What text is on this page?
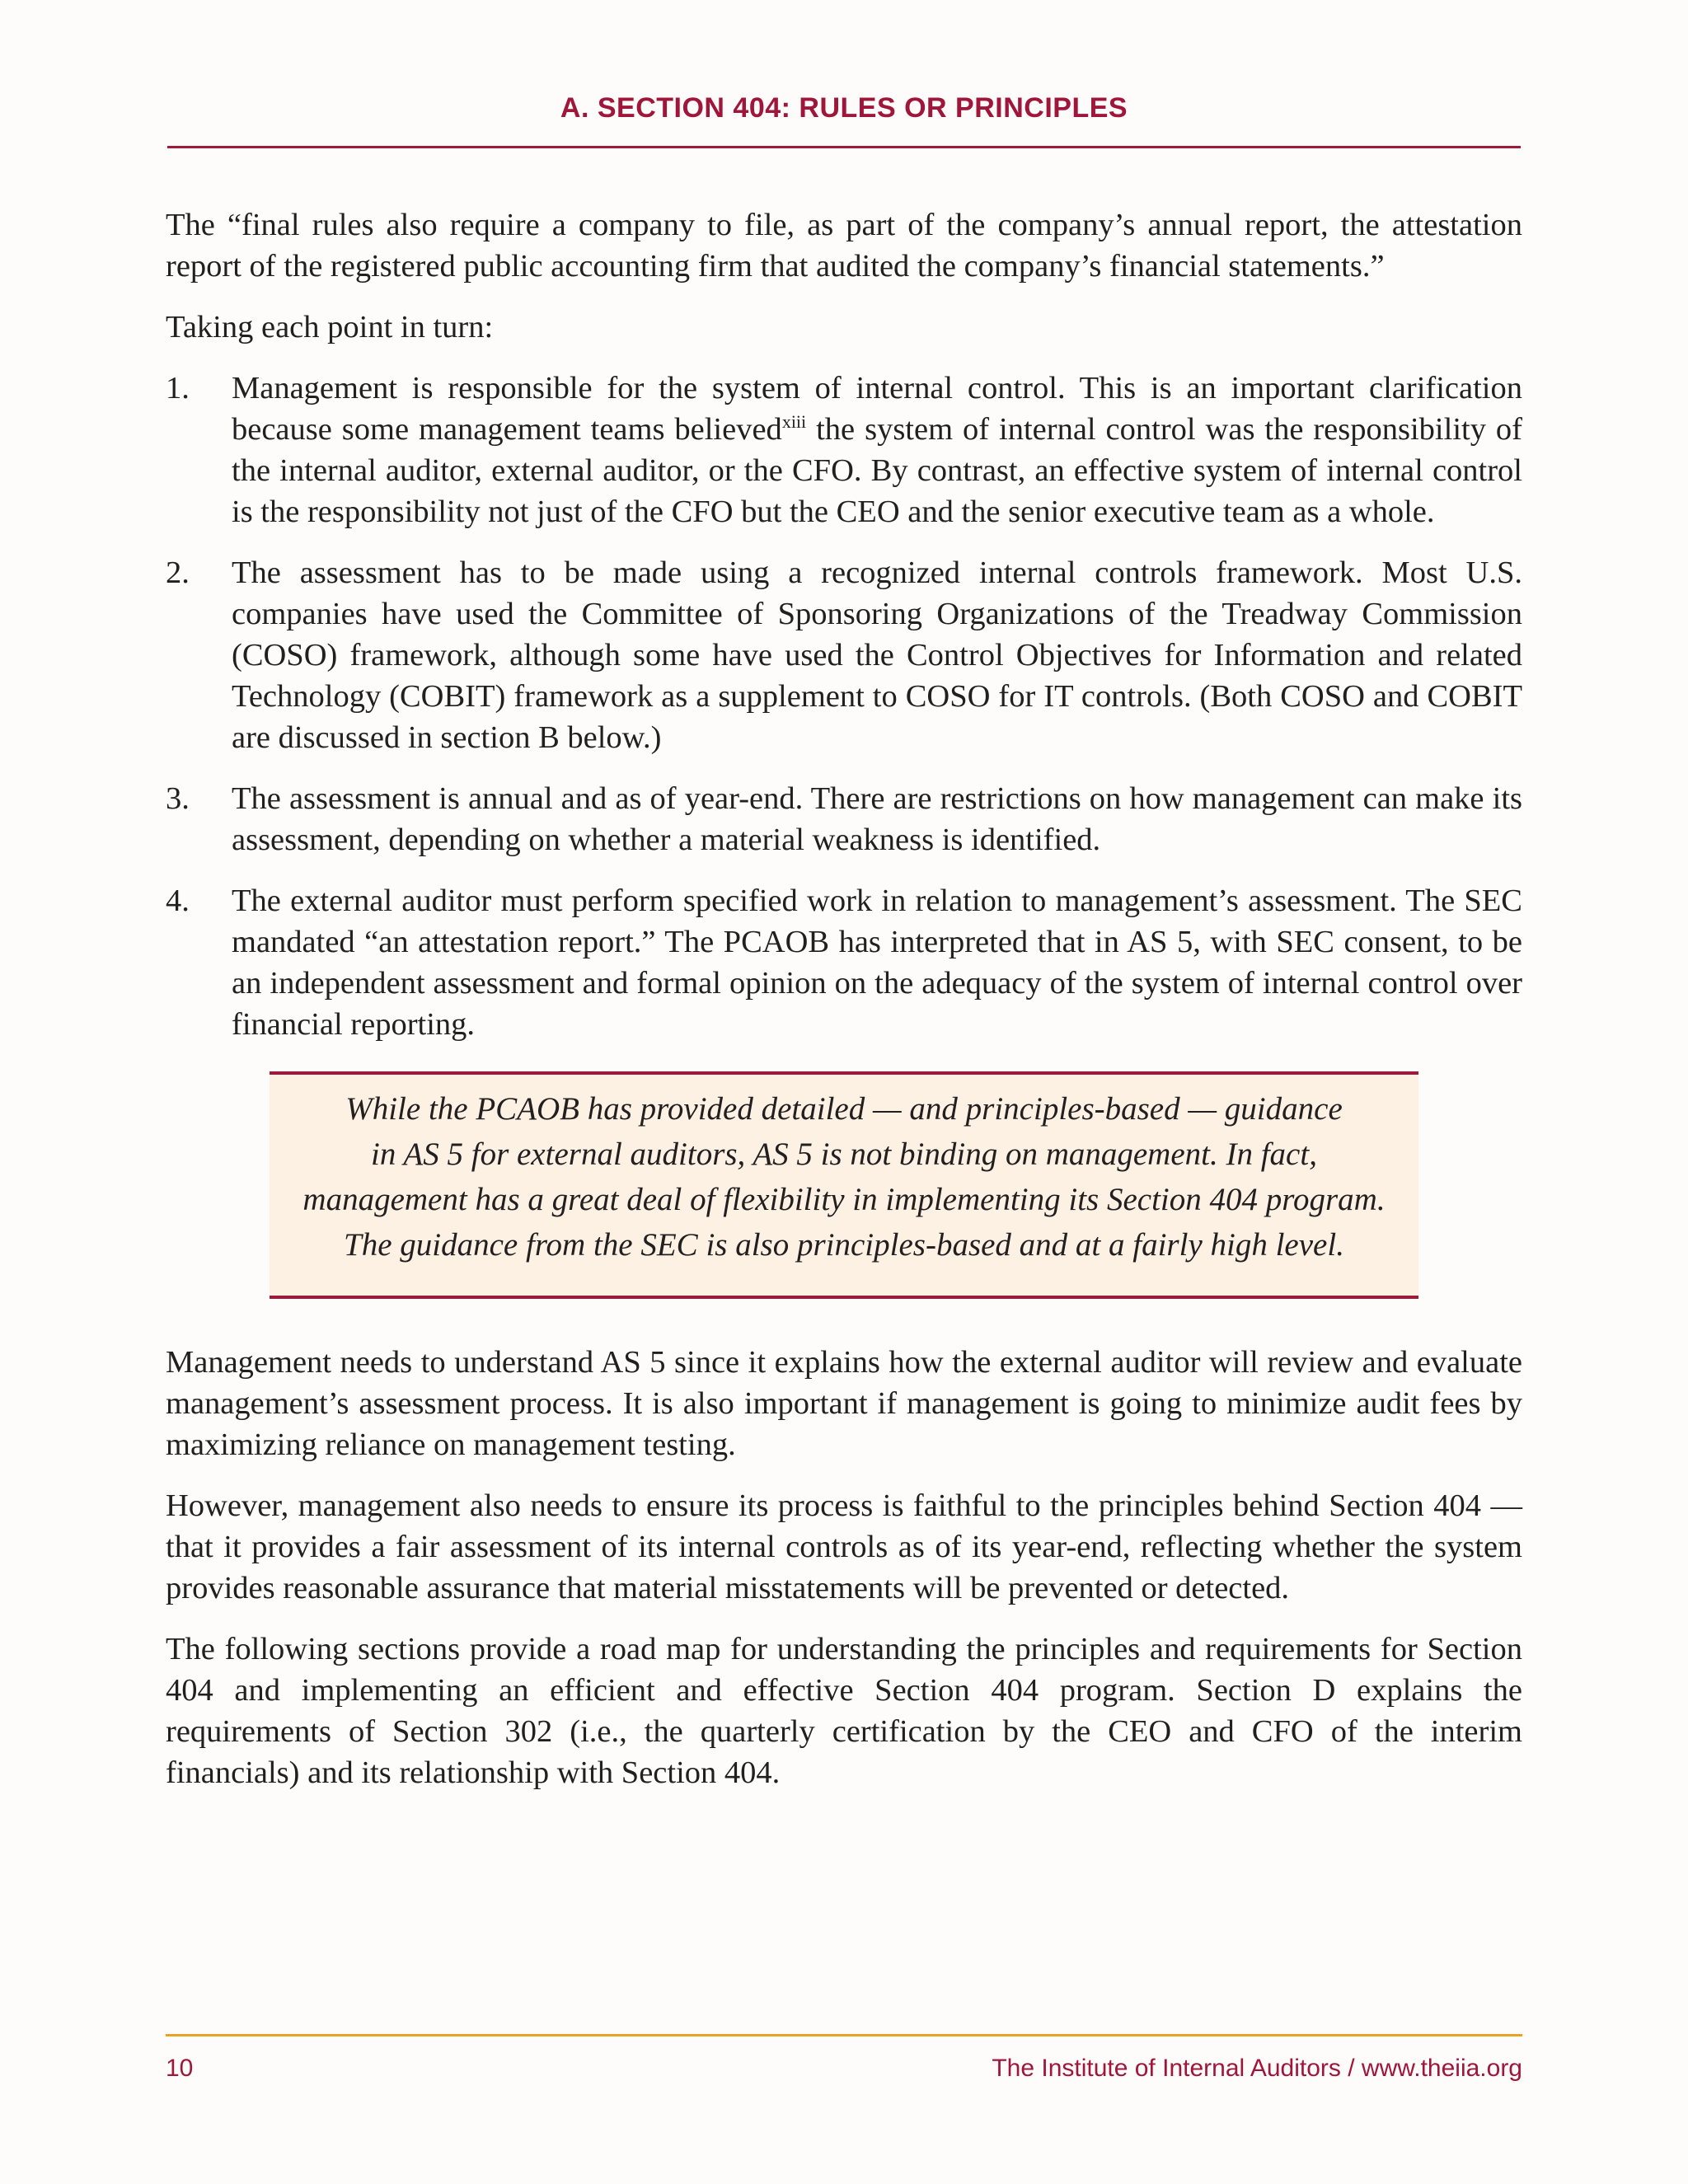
A. SECTION 404: RULES OR PRINCIPLES

The “final rules also require a company to file, as part of the company’s annual report, the attestation report of the registered public accounting firm that audited the company’s financial statements.”

Taking each point in turn:

1. Management is responsible for the system of internal control. This is an important clarification because some management teams believed$^{xiii}$ the system of internal control was the responsibility of the internal auditor, external auditor, or the CFO. By contrast, an effective system of internal control is the responsibility not just of the CFO but the CEO and the senior executive team as a whole.
2. The assessment has to be made using a recognized internal controls framework. Most U.S. companies have used the Committee of Sponsoring Organizations of the Treadway Commission (COSO) framework, although some have used the Control Objectives for Information and related Technology (COBIT) framework as a supplement to COSO for IT controls. (Both COSO and COBIT are discussed in section B below.)
3. The assessment is annual and as of year-end. There are restrictions on how management can make its assessment, depending on whether a material weakness is identified.
4. The external auditor must perform specified work in relation to management’s assessment. The SEC mandated “an attestation report.” The PCAOB has interpreted that in AS 5, with SEC consent, to be an independent assessment and formal opinion on the adequacy of the system of internal control over financial reporting.
While the PCAOB has provided detailed — and principles-based — guidance
in AS 5 for external auditors, AS 5 is not binding on management. In fact,
management has a great deal of flexibility in implementing its Section 404 program.
The guidance from the SEC is also principles-based and at a fairly high level.

Management needs to understand AS 5 since it explains how the external auditor will review and evaluate management’s assessment process. It is also important if management is going to minimize audit fees by maximizing reliance on management testing.

However, management also needs to ensure its process is faithful to the principles behind Section 404 — that it provides a fair assessment of its internal controls as of its year-end, reflecting whether the system provides reasonable assurance that material misstatements will be prevented or detected.

The following sections provide a road map for understanding the principles and requirements for Section 404 and implementing an efficient and effective Section 404 program. Section D explains the requirements of Section 302 (i.e., the quarterly certification by the CEO and CFO of the interim financials) and its relationship with Section 404.

10	The Institute of Internal Auditors / www.theiia.org
